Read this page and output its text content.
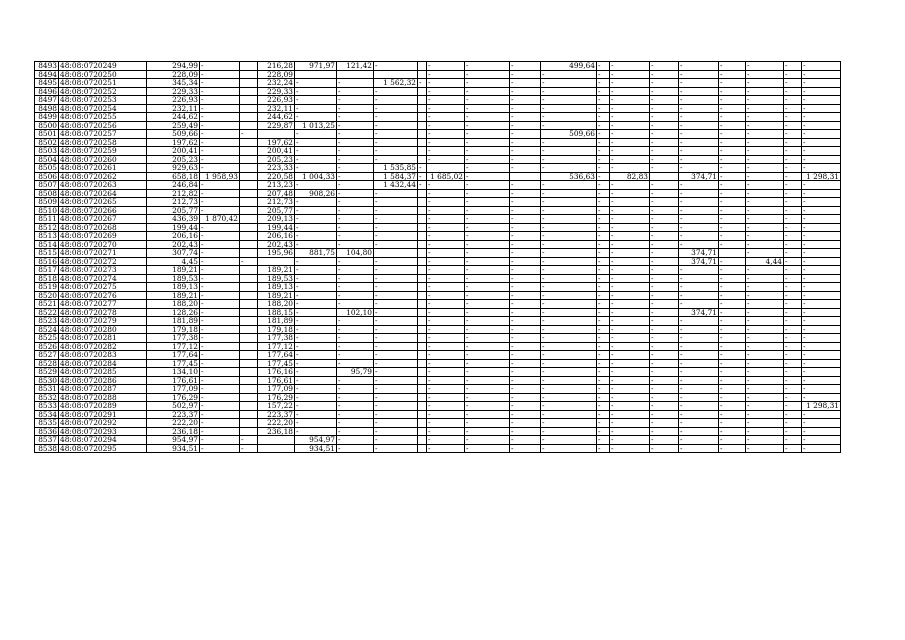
8493	48:08:0720249	294,99	-		216,28	971,97	121,42	-		-	-	-	499,64	-	-	-	-	-	-	-	-
8494	48:08:0720250	228,09	-		228,09					-	-	-	-	-	-	-	-	-	-	-	-
8495	48:08:0720251	345,34	-		232,24	-	-	1 562,32	-	-	-	-	-	-	-	-	-	-	-	-	-
8496	48:08:0720252	229,33	-		229,33	-	-	-		-	-	-	-	-	-	-	-	-	-	-	-
8497	48:08:0720253	226,93	-		226,93	-	-	-		-	-	-	-	-	-	-	-	-	-	-	-
8498	48:08:0720254	232,11	-		232,11	-	-	-		-	-	-	-	-	-	-	-	-	-	-	-
8499	48:08:0720255	244,62	-		244,62	-	-	-		-	-	-	-	-	-	-	-	-	-	-	-
8500	48:08:0720256	259,49	-		229,87	1 013,25	-	-		-	-	-	-	-	-	-	-	-	-	-	-
8501	48:08:0720257	509,66	-	-		-	-	-		-	-	-	509,66	-	-	-	-	-	-	-	-
8502	48:08:0720258	197,62	-		197,62	-	-	-		-	-	-	-	-	-	-	-	-	-	-	-
8503	48:08:0720259	200,41	-		200,41	-	-	-		-	-	-	-	-	-	-	-	-	-	-	-
8504	48:08:0720260	205,23	-		205,23	-	-	-		-	-	-	-	-	-	-	-	-	-	-	-
8505	48:08:0720261	929,63	-		223,33	-	-	1 535,85	-		-	-	-	-	-	-	-	-	-	-	-
8506	48:08:0720262	658,18	1 958,93		220,58	1 004,33	-	1 584,37	-	1 685,02	-		536,63	-	82,83		374,71	-	-	-	1 298,31
8507	48:08:0720263	246,84	-		213,23	-	-	1 432,44	-	-	-	-	-	-	-	-	-	-	-	-	-
8508	48:08:0720264	212,82	-		207,48	908,26	-	-		-	-	-	-	-	-	-	-	-	-	-	-
8509	48:08:0720265	212,73	-		212,73	-	-	-		-	-	-	-	-	-	-	-	-	-	-	-
8510	48:08:0720266	205,77	-		205,77	-	-	-		-	-	-	-	-	-	-	-	-	-	-	-
8511	48:08:0720267	436,39	1 870,42		209,13	-	-	-		-	-	-	-	-	-	-	-	-	-	-	-
8512	48:08:0720268	199,44	-		199,44	-	-	-		-	-	-	-	-	-	-	-	-	-	-	-
8513	48:08:0720269	206,16	-		206,16	-	-	-		-	-	-	-	-	-	-	-	-	-	-	-
8514	48:08:0720270	202,43	-		202,43	-	-	-		-	-	-	-	-	-	-	-	-	-	-	-
8515	48:08:0720271	307,74	-		195,96	881,75	104,80			-	-	-	-	-	-	-	374,71		-	-	-
8516	48:08:0720272	4,45	-	-		-	-	-		-	-	-	-	-	-	-	374,71	-	4,44	-	-
8517	48:08:0720273	189,21	-		189,21	-	-	-		-	-	-	-	-	-	-	-	-	-	-	-
8518	48:08:0720274	189,53	-		189,53	-	-	-		-	-	-	-	-	-	-	-	-	-	-	-
8519	48:08:0720275	189,13	-		189,13	-	-	-		-	-	-	-	-	-	-	-	-	-	-	-
8520	48:08:0720276	189,21	-		189,21	-	-	-		-	-	-	-	-	-	-	-	-	-	-	-
8521	48:08:0720277	188,20	-		188,20	-	-	-		-	-	-	-	-	-	-	-	-	-	-	-
8522	48:08:0720278	128,26	-		188,15	-	102,10	-		-	-	-	-	-	-	-	374,71	-	-	-	-
8523	48:08:0720279	181,89	-		181,89	-	-	-		-	-	-	-	-	-	-	-	-	-	-	-
8524	48:08:0720280	179,18	-		179,18	-	-	-		-	-	-	-	-	-	-	-	-	-	-	-
8525	48:08:0720281	177,38	-		177,38	-	-	-		-	-	-	-	-	-	-	-	-	-	-	-
8526	48:08:0720282	177,12	-		177,12	-	-	-		-	-	-	-	-	-	-	-	-	-	-	-
8527	48:08:0720283	177,64	-		177,64	-	-	-		-	-	-	-	-	-	-	-	-	-	-	-
8528	48:08:0720284	177,45	-		177,45	-	-	-		-	-	-	-	-	-	-	-	-	-	-	-
8529	48:08:0720285	134,10	-		176,16	-	95,79	-		-	-	-	-	-	-	-	-	-	-	-	-
8530	48:08:0720286	176,61	-		176,61	-	-	-		-	-	-	-	-	-	-	-	-	-	-	-
8531	48:08:0720287	177,09	-		177,09	-	-	-		-	-	-	-	-	-	-	-	-	-	-	-
8532	48:08:0720288	176,29	-		176,29	-	-	-		-	-	-	-	-	-	-	-	-	-	-	-
8533	48:08:0720289	502,97	-		157,22	-	-	-		-	-	-	-	-	-	-	-	-	-	-	1 298,31
8534	48:08:0720291	223,37	-		223,37	-	-	-		-	-	-	-	-	-	-	-	-	-	-	-
8535	48:08:0720292	222,20	-		222,20	-	-	-		-	-	-	-	-	-	-	-	-	-	-	-
8536	48:08:0720293	236,18	-		236,18	-	-	-		-	-	-	-	-	-	-	-	-	-	-	-
8537	48:08:0720294	954,97	-	-		954,97	-	-		-	-	-	-	-	-	-	-	-	-	-	-
8538	48:08:0720295	934,51	-	-		934,51	-	-		-	-	-	-	-	-	-	-	-	-	-	-
